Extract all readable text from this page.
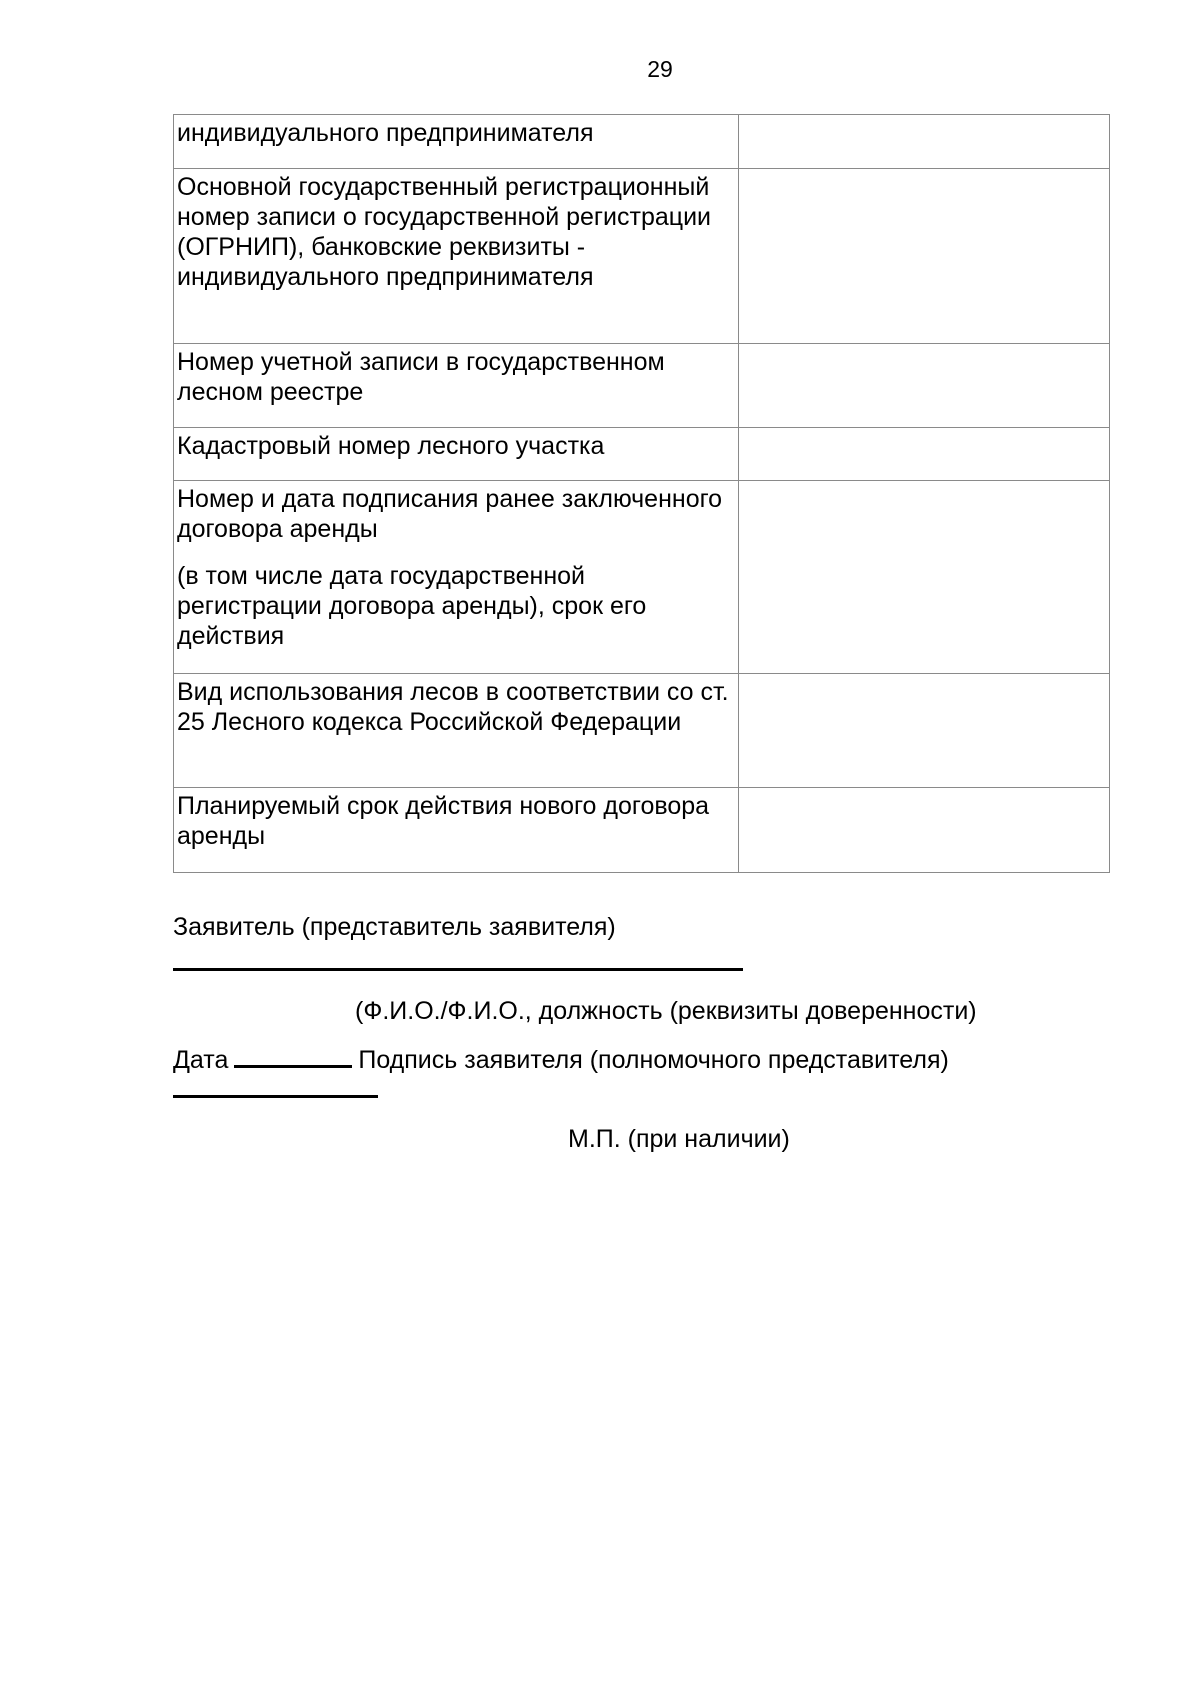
29
индивидуального предпринимателя	

Основной государственный регистрационный номер записи о государственной регистрации (ОГРНИП), банковские реквизиты - индивидуального предпринимателя	

Номер учетной записи в государственном лесном реестре	

Кадастровый номер лесного участка	

Номер и дата подписания ранее заключенного договора аренды
(в том числе дата государственной регистрации договора аренды), срок его действия	

Вид использования лесов в соответствии со ст. 25 Лесного кодекса Российской Федерации	

Планируемый срок действия нового договора аренды	

Заявитель (представитель заявителя)
(Ф.И.О./Ф.И.О., должность (реквизиты доверенности)
Дата	Подпись заявителя (полномочного представителя)
М.П. (при наличии)
